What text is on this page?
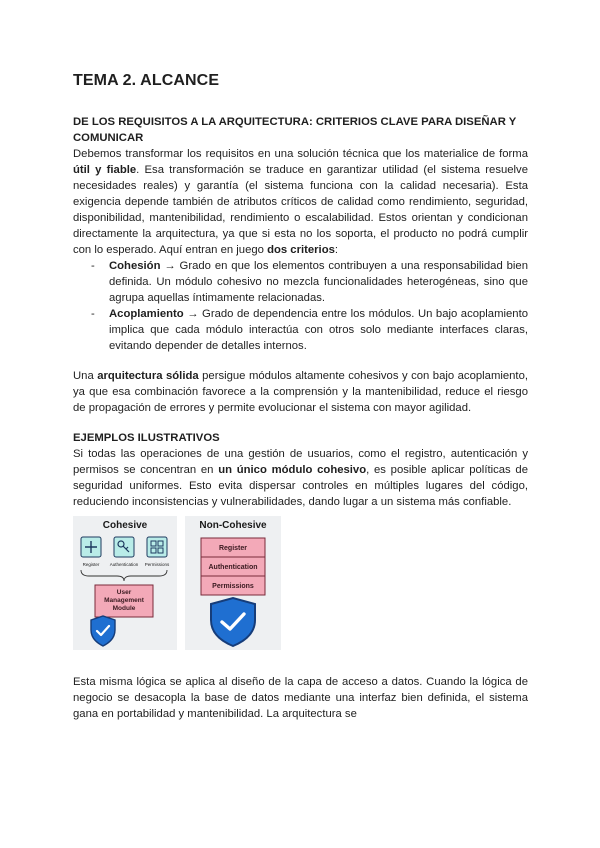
TEMA 2. ALCANCE
DE LOS REQUISITOS A LA ARQUITECTURA: CRITERIOS CLAVE PARA DISEÑAR Y COMUNICAR

Debemos transformar los requisitos en una solución técnica que los materialice de forma útil y fiable. Esa transformación se traduce en garantizar utilidad (el sistema resuelve necesidades reales) y garantía (el sistema funciona con la calidad necesaria). Esta exigencia depende también de atributos críticos de calidad como rendimiento, seguridad, disponibilidad, mantenibilidad, rendimiento o escalabilidad. Estos orientan y condicionan directamente la arquitectura, ya que si esta no los soporta, el producto no podrá cumplir con lo esperado. Aquí entran en juego dos criterios:

- Cohesión → Grado en que los elementos contribuyen a una responsabilidad bien definida. Un módulo cohesivo no mezcla funcionalidades heterogéneas, sino que agrupa aquellas íntimamente relacionadas.
- Acoplamiento → Grado de dependencia entre los módulos. Un bajo acoplamiento implica que cada módulo interactúa con otros solo mediante interfaces claras, evitando depender de detalles internos.

Una arquitectura sólida persigue módulos altamente cohesivos y con bajo acoplamiento, ya que esa combinación favorece a la comprensión y la mantenibilidad, reduce el riesgo de propagación de errores y permite evolucionar el sistema con mayor agilidad.

EJEMPLOS ILUSTRATIVOS

Si todas las operaciones de una gestión de usuarios, como el registro, autenticación y permisos se concentran en un único módulo cohesivo, es posible aplicar políticas de seguridad uniformes. Esto evita dispersar controles en múltiples lugares del código, reduciendo inconsistencias y vulnerabilidades, dando lugar a un sistema más confiable.

Cohesive
Register Authentication Permissions
User Management Module
Non-Cohesive
Register
Authentication
Permissions

Esta misma lógica se aplica al diseño de la capa de acceso a datos. Cuando la lógica de negocio se desacopla la base de datos mediante una interfaz bien definida, el sistema gana en portabilidad y mantenibilidad. La arquitectura se
